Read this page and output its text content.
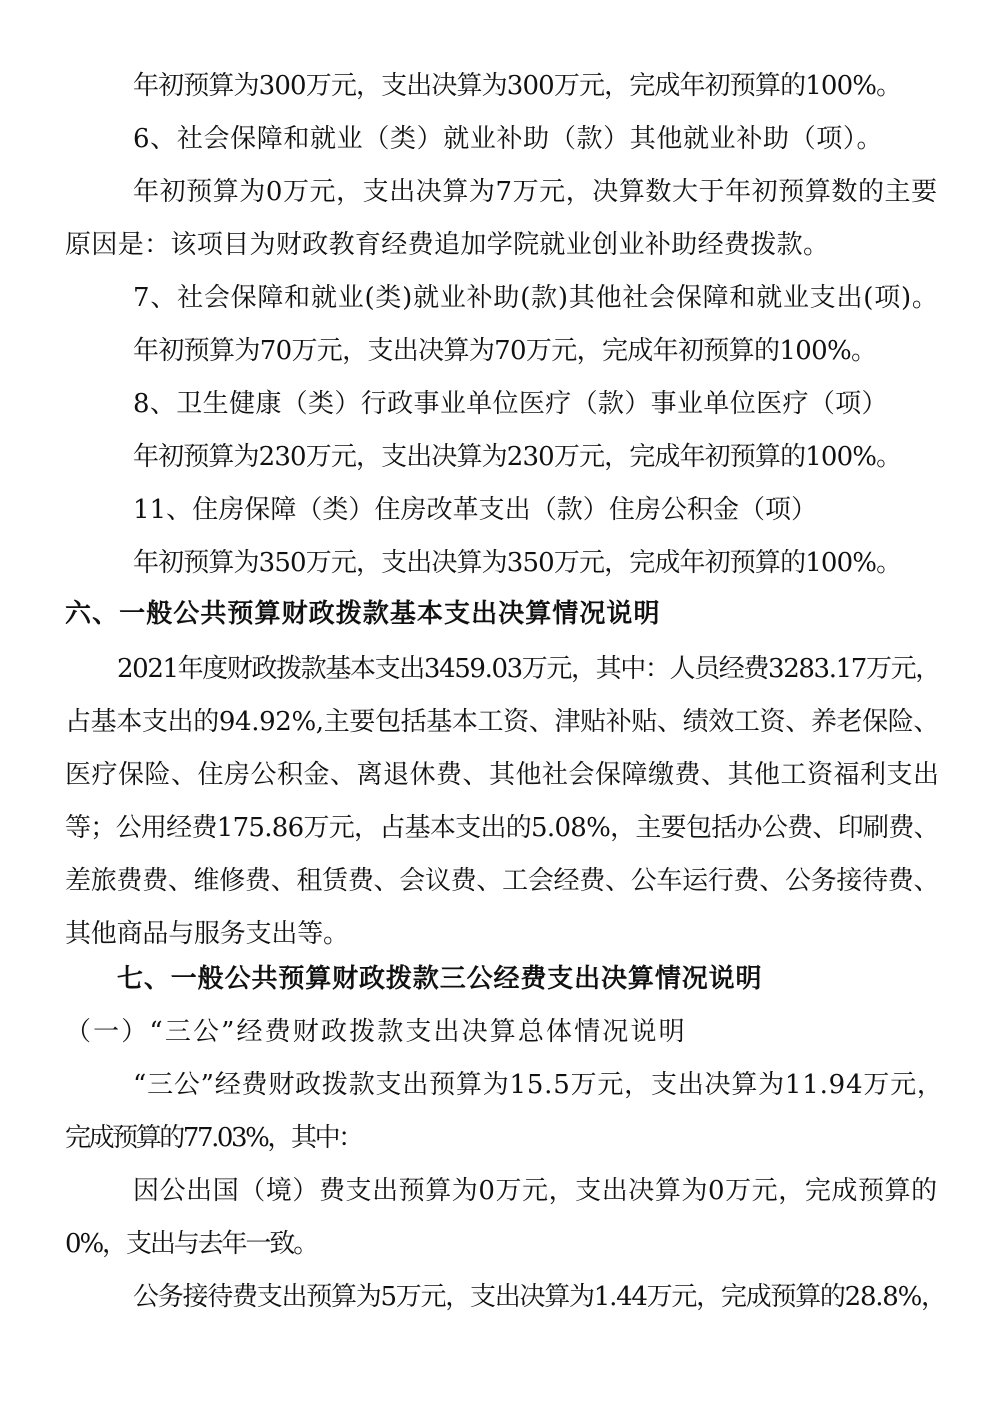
年初预算为300万元，支出决算为300万元，完成年初预算的100%。
6、社会保障和就业（类）就业补助（款）其他就业补助（项）。
年初预算为0万元，支出决算为7万元，决算数大于年初预算数的主要
原因是：该项目为财政教育经费追加学院就业创业补助经费拨款。
7、社会保障和就业(类)就业补助(款)其他社会保障和就业支出(项)。
年初预算为70万元，支出决算为70万元，完成年初预算的100%。
8、卫生健康（类）行政事业单位医疗（款）事业单位医疗（项）
年初预算为230万元，支出决算为230万元，完成年初预算的100%。
11、住房保障（类）住房改革支出（款）住房公积金（项）
年初预算为350万元，支出决算为350万元，完成年初预算的100%。
六、一般公共预算财政拨款基本支出决算情况说明
2021年度财政拨款基本支出3459.03万元，其中：人员经费3283.17万元，
占基本支出的94.92%,主要包括基本工资、津贴补贴、绩效工资、养老保险、
医疗保险、住房公积金、离退休费、其他社会保障缴费、其他工资福利支出
等；公用经费175.86万元，占基本支出的5.08%，主要包括办公费、印刷费、
差旅费费、维修费、租赁费、会议费、工会经费、公车运行费、公务接待费、
其他商品与服务支出等。
七、一般公共预算财政拨款三公经费支出决算情况说明
（一）“三公”经费财政拨款支出决算总体情况说明
“三公”经费财政拨款支出预算为15.5万元，支出决算为11.94万元，
完成预算的77.03%，其中：
因公出国（境）费支出预算为0万元，支出决算为0万元，完成预算的
0%，支出与去年一致。
公务接待费支出预算为5万元，支出决算为1.44万元，完成预算的28.8%，
